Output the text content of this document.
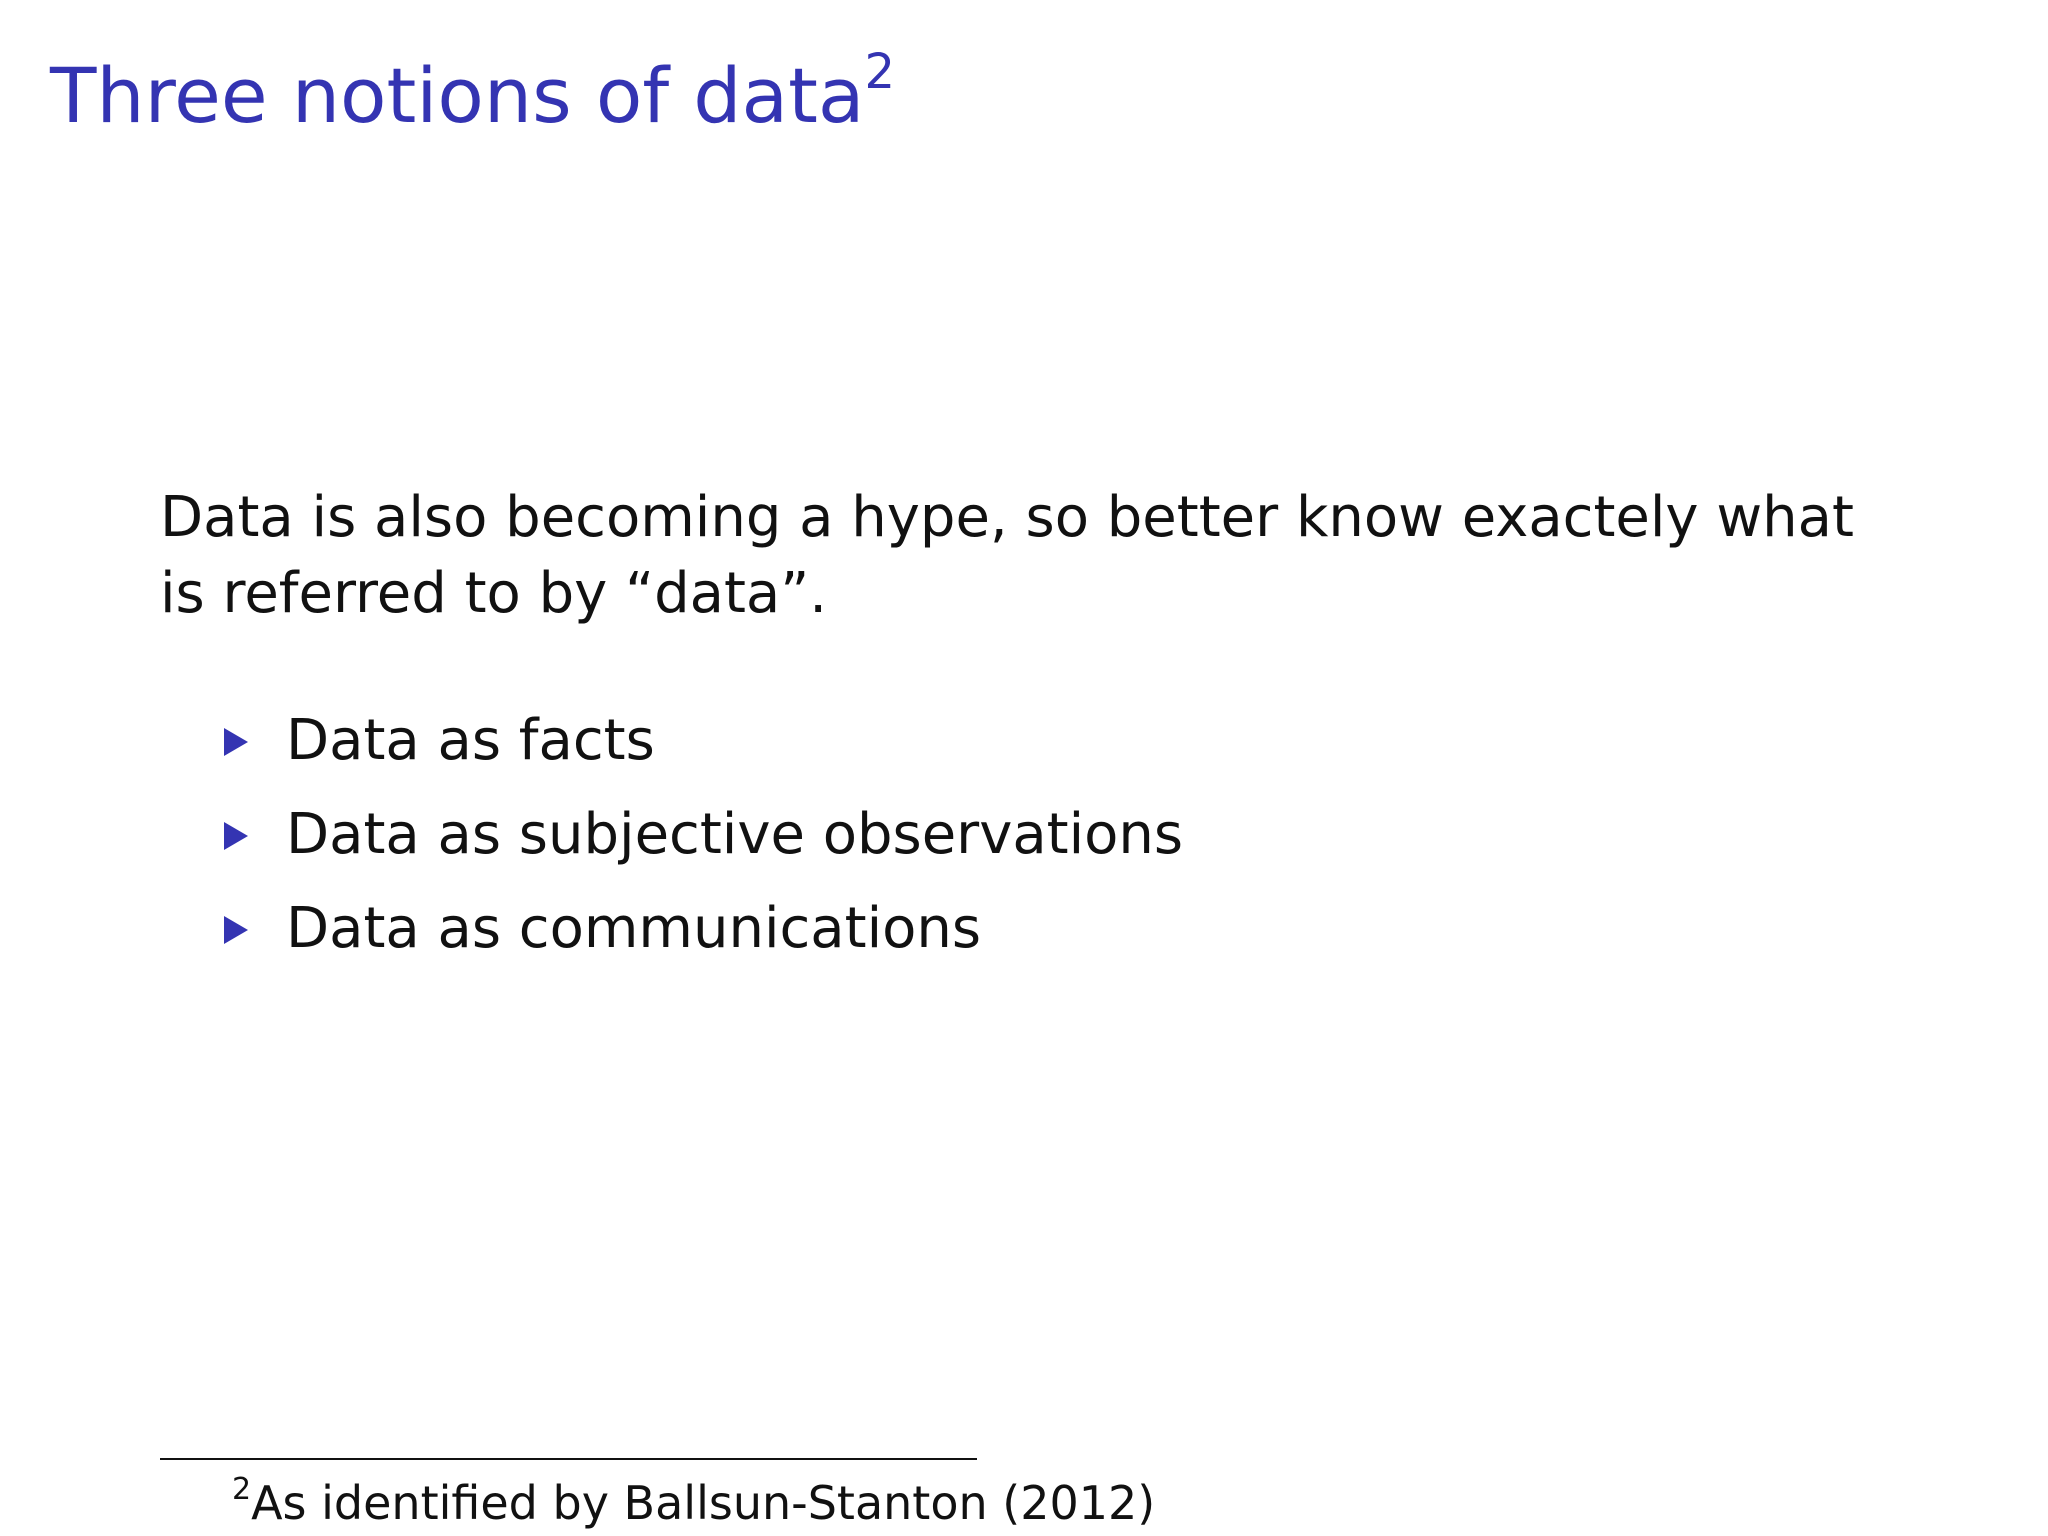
Three notions of data$^2$

Data is also becoming a hype, so better know exactely what is referred to by “data”.

Data as facts
Data as subjective observations
Data as communications

$^2$As identified by Ballsun-Stanton (2012)
